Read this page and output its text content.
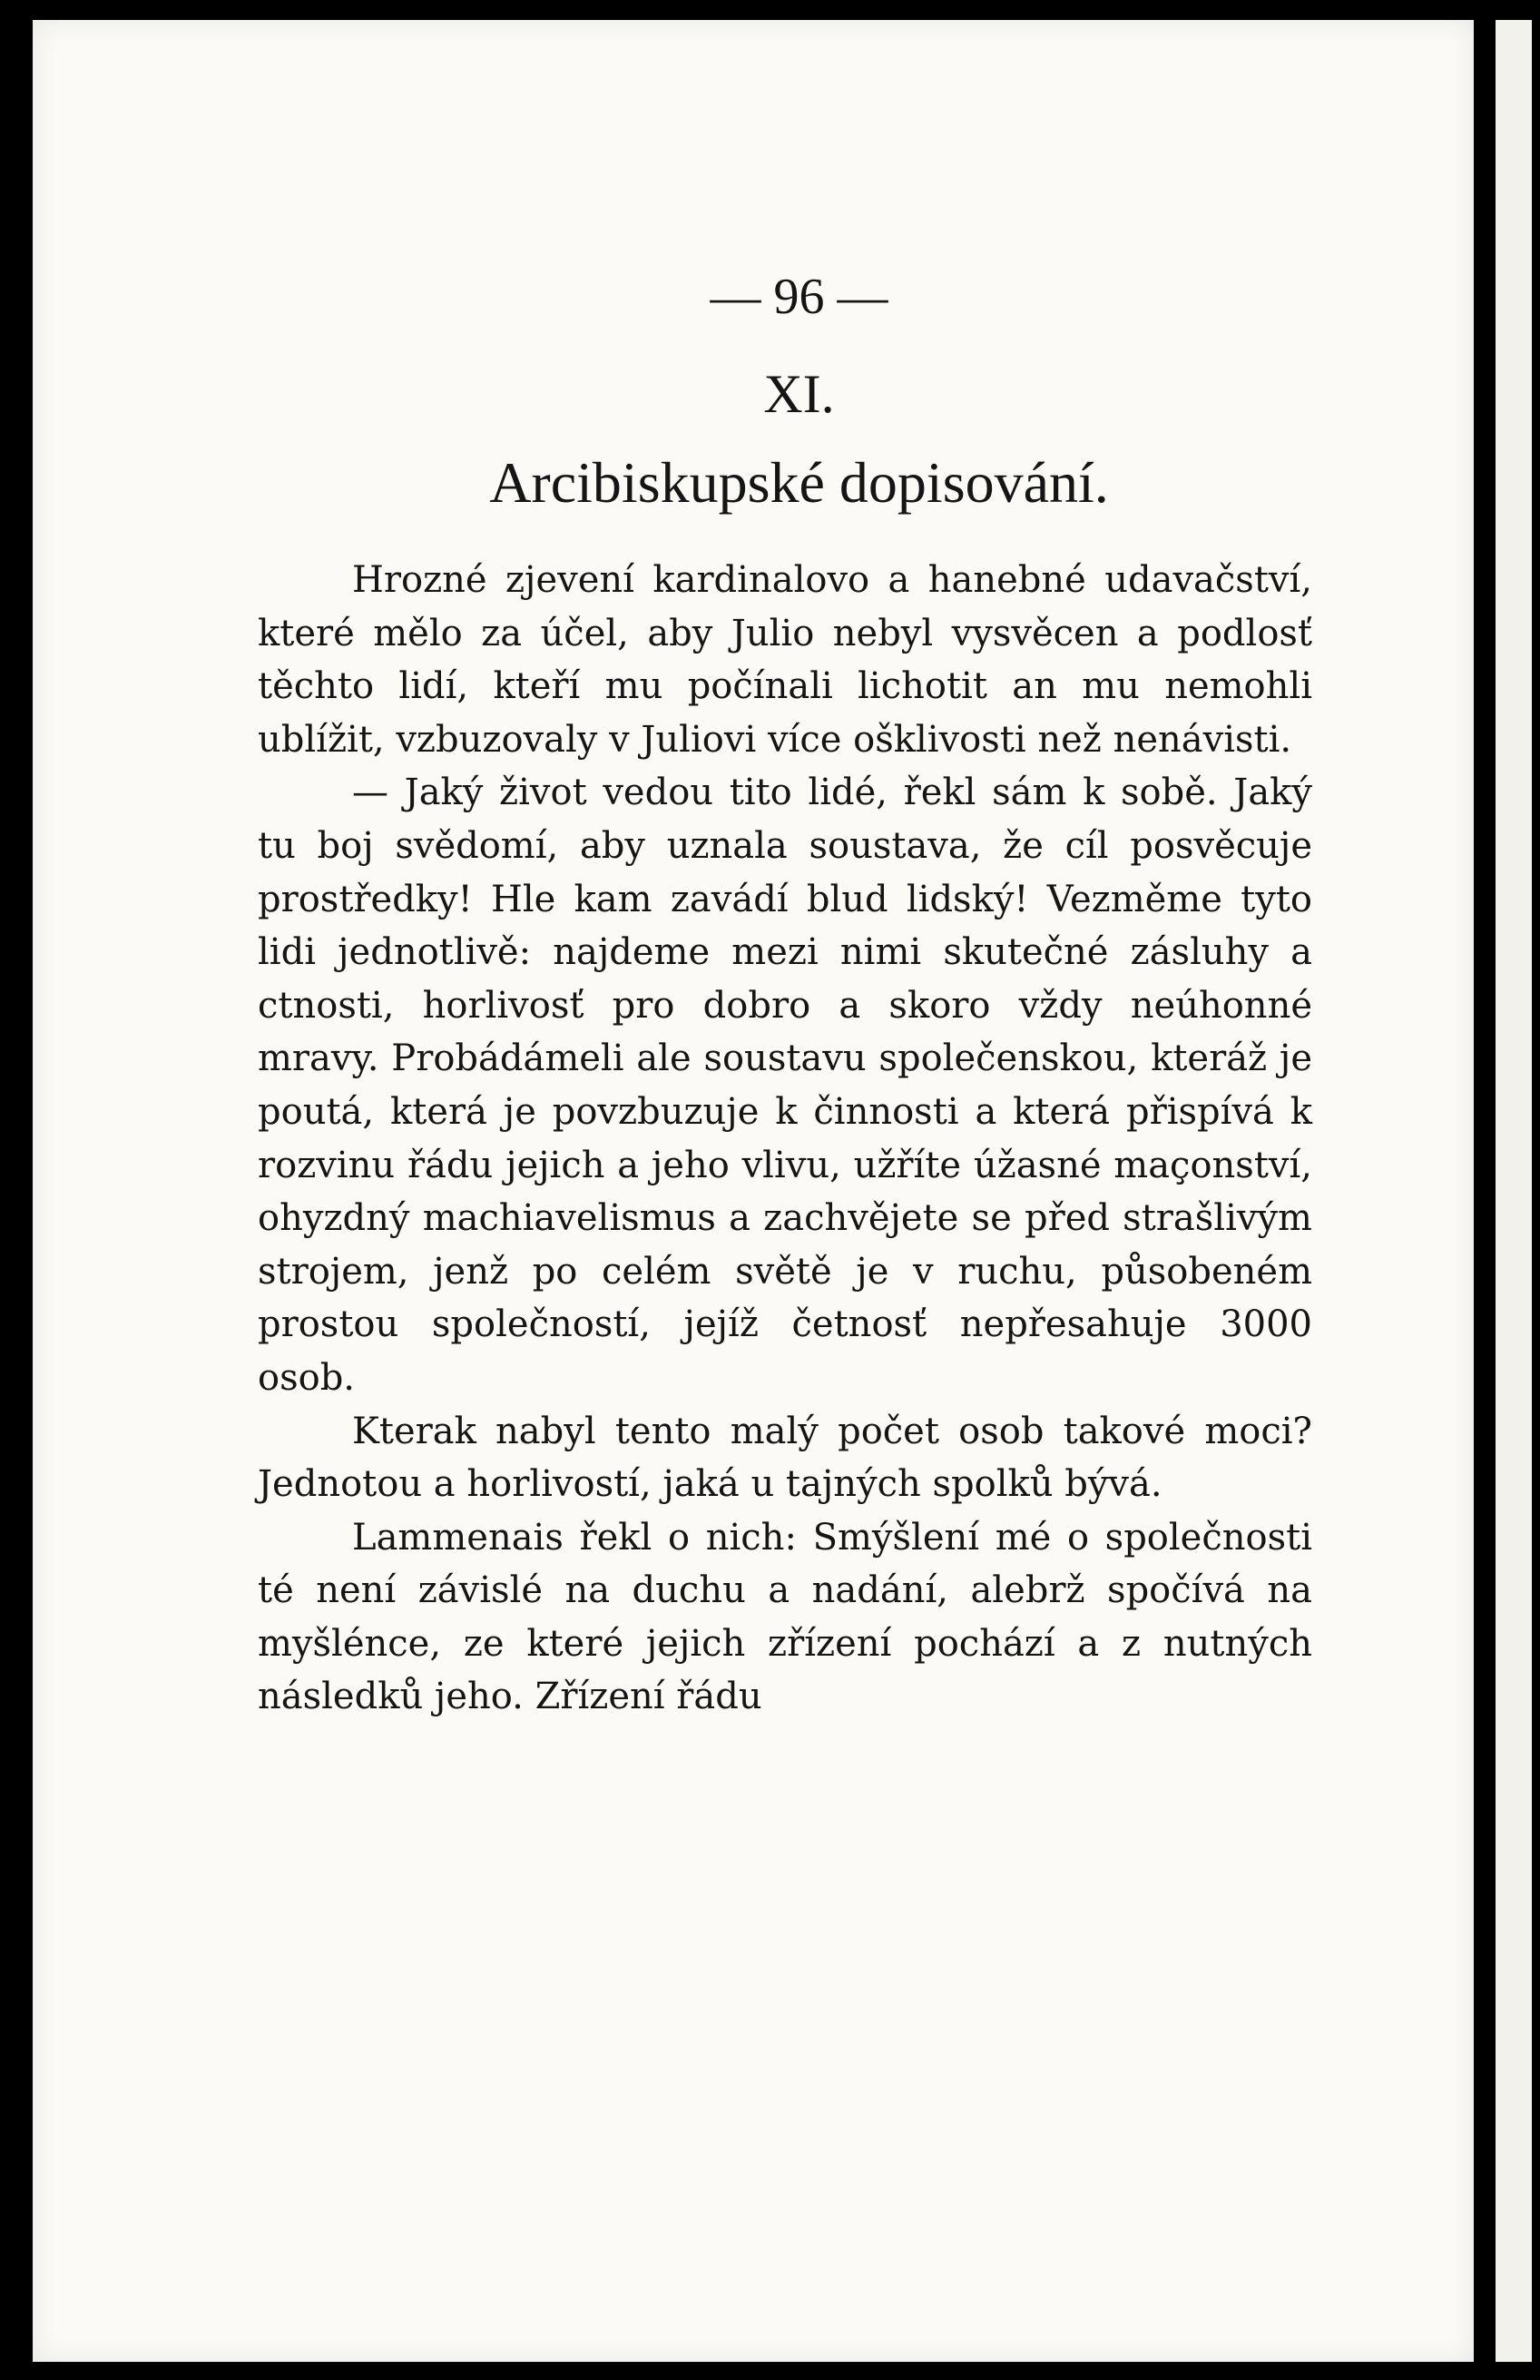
— 96 —
XI.
Arcibiskupské dopisování.

Hrozné zjevení kardinalovo a hanebné udavačství, které mělo za účel, aby Julio nebyl vysvěcen a podlosť těchto lidí, kteří mu počínali lichotit an mu nemohli ublížit, vzbuzovaly v Juliovi více ošklivosti než nenávisti.

— Jaký život vedou tito lidé, řekl sám k sobě. Jaký tu boj svědomí, aby uznala soustava, že cíl posvěcuje prostředky! Hle kam zavádí blud lidský! Vezměme tyto lidi jednotlivě: najdeme mezi nimi skutečné zásluhy a ctnosti, horlivosť pro dobro a skoro vždy neúhonné mravy. Probádámeli ale soustavu společenskou, kteráž je poutá, která je povzbuzuje k činnosti a která přispívá k rozvinu řádu jejich a jeho vlivu, užříte úžasné maçonství, ohyzdný machiavelismus a zachvějete se před strašlivým strojem, jenž po celém světě je v ruchu, působeném prostou společností, jejíž četnosť nepřesahuje 3000 osob.

Kterak nabyl tento malý počet osob takové moci? Jednotou a horlivostí, jaká u tajných spolků bývá.

Lammenais řekl o nich: Smýšlení mé o společnosti té není závislé na duchu a nadání, alebrž spočívá na myšlénce, ze které jejich zřízení pochází a z nutných následků jeho. Zřízení řádu
